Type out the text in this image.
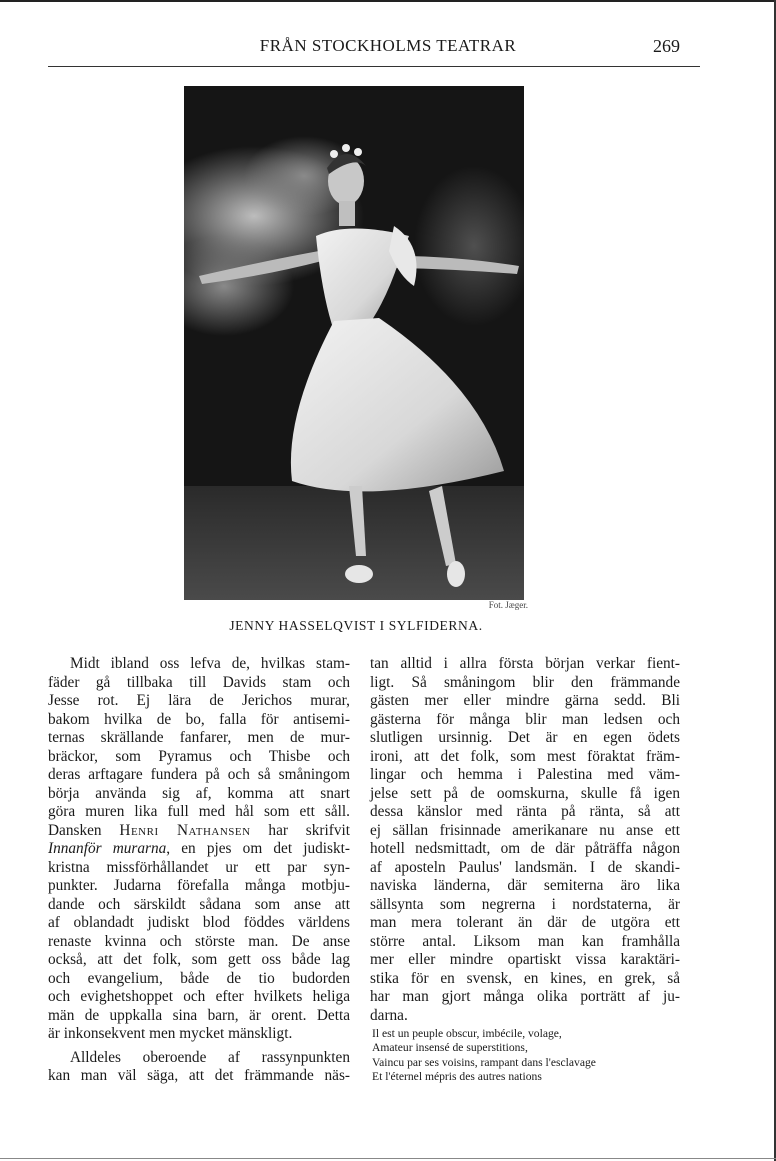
FRÅN STOCKHOLMS TEATRAR	269
Fot. Jæger.
JENNY HASSELQVIST I SYLFIDERNA.
Midt ibland oss lefva de, hvilkas stam-
fäder gå tillbaka till Davids stam och
Jesse rot. Ej lära de Jerichos murar,
bakom hvilka de bo, falla för antisemi-
ternas skrällande fanfarer, men de mur-
bräckor, som Pyramus och Thisbe och
deras arftagare fundera på och så småningom
börja använda sig af, komma att snart
göra muren lika full med hål som ett såll.
Dansken Henri Nathansen har skrifvit
Innanför murarna, en pjes om det judiskt-
kristna missförhållandet ur ett par syn-
punkter. Judarna förefalla många motbju-
dande och särskildt sådana som anse att
af oblandadt judiskt blod föddes världens
renaste kvinna och störste man. De anse
också, att det folk, som gett oss både lag
och evangelium, både de tio budorden
och evighetshoppet och efter hvilkets heliga
män de uppkalla sina barn, är orent. Detta
är inkonsekvent men mycket mänskligt.
Alldeles oberoende af rassynpunkten
kan man väl säga, att det främmande näs-
tan alltid i allra första början verkar fient-
ligt. Så småningom blir den främmande
gästen mer eller mindre gärna sedd. Bli
gästerna för många blir man ledsen och
slutligen ursinnig. Det är en egen ödets
ironi, att det folk, som mest föraktat främ-
lingar och hemma i Palestina med väm-
jelse sett på de oomskurna, skulle få igen
dessa känslor med ränta på ränta, så att
ej sällan frisinnade amerikanare nu anse ett
hotell nedsmittadt, om de där påträffa någon
af aposteln Paulus' landsmän. I de skandi-
naviska länderna, där semiterna äro lika
sällsynta som negrerna i nordstaterna, är
man mera tolerant än där de utgöra ett
större antal. Liksom man kan framhålla
mer eller mindre opartiskt vissa karaktäri-
stika för en svensk, en kines, en grek, så
har man gjort många olika porträtt af ju-
darna.
Il est un peuple obscur, imbécile, volage,
Amateur insensé de superstitions,
Vaincu par ses voisins, rampant dans l'esclavage
Et l'éternel mépris des autres nations
